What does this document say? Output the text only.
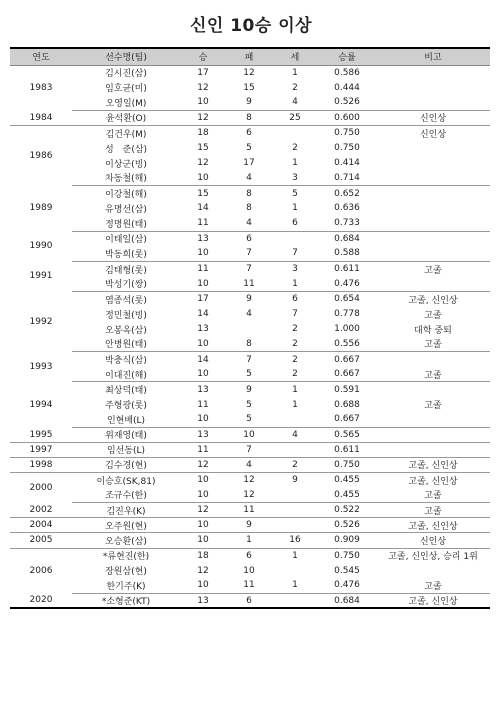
신인 10승 이상
연도	선수명(팀)	승	패	세	승률	비고
1983	김시진(삼)	17	12	1	0.586	
	임호균(미)	12	15	2	0.444	
	오영일(M)	10	9	4	0.526	
1984	윤석환(O)	12	8	25	0.600	신인상
1986	김건우(M)	18	6		0.750	신인상
	성　준(삼)	15	5	2	0.750	
	이상군(빙)	12	17	1	0.414	
	차동철(해)	10	4	3	0.714	
1989	이강철(해)	15	8	5	0.652	
	유명선(삼)	14	8	1	0.636	
	정명원(태)	11	4	6	0.733	
1990	이태일(삼)	13	6		0.684	
	박동희(롯)	10	7	7	0.588	
1991	김태형(롯)	11	7	3	0.611	고졸
	박성기(쌍)	10	11	1	0.476	
1992	염종석(롯)	17	9	6	0.654	고졸, 신인상
	정민철(빙)	14	4	7	0.778	고졸
	오봉옥(삼)	13		2	1.000	대학 중퇴
	안병원(태)	10	8	2	0.556	고졸
1993	박충식(삼)	14	7	2	0.667	
	이대진(해)	10	5	2	0.667	고졸
1994	최상덕(태)	13	9	1	0.591	
	주형광(롯)	11	5	1	0.688	고졸
	인현배(L)	10	5		0.667	
1995	위재영(태)	13	10	4	0.565	
1997	임선동(L)	11	7		0.611	
1998	김수경(현)	12	4	2	0.750	고졸, 신인상
2000	이승호(SK,81)	10	12	9	0.455	고졸, 신인상
	조규수(한)	10	12		0.455	고졸
2002	김진우(K)	12	11		0.522	고졸
2004	오주원(현)	10	9		0.526	고졸, 신인상
2005	오승환(삼)	10	1	16	0.909	신인상
2006	*류현진(한)	18	6	1	0.750	고졸, 신인상, 승리 1위
	장원삼(현)	12	10		0.545	
	한기주(K)	10	11	1	0.476	고졸
2020	*소형준(KT)	13	6		0.684	고졸, 신인상
